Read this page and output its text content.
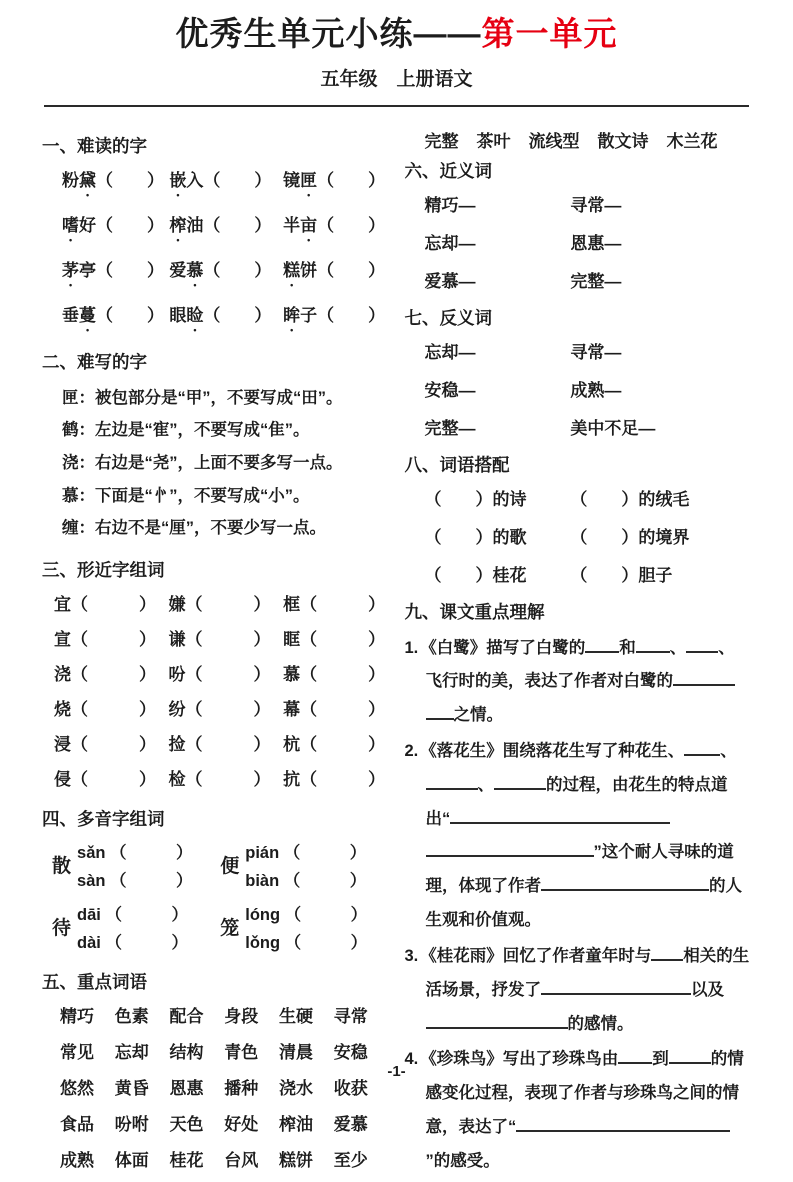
优秀生单元小练——第一单元
五年级　上册语文
一、难读的字
粉黛（　　） 嵌入（　　） 镜匣（　　）
嗜好（　　） 榨油（　　） 半亩（　　）
茅亭（　　） 爱慕（　　） 糕饼（　　）
垂蔓（　　） 眼睑（　　） 眸子（　　）
二、难写的字
匣：被包部分是“甲”，不要写成“田”。
鹤：左边是“寉”，不要写成“隹”。
浇：右边是“尧”，上面不要多写一点。
慕：下面是“㣺”，不要写成“小”。
缠：右边不是“厘”，不要少写一点。
三、形近字组词
宜（　　　） 嫌（　　　） 框（　　　）
宣（　　　） 谦（　　　） 眶（　　　）
浇（　　　） 吩（　　　） 慕（　　　）
烧（　　　） 纷（　　　） 幕（　　　）
浸（　　　） 捡（　　　） 杭（　　　）
侵（　　　） 检（　　　） 抗（　　　）
四、多音字组词
散
sǎn （　　　）
sàn （　　　）
便
pián （　　　）
biàn （　　　）
待
dāi （　　　）
dài （　　　）
笼
lóng （　　　）
lǒng （　　　）
五、重点词语
精巧	色素	配合	身段	生硬	寻常
常见	忘却	结构	青色	清晨	安稳
悠然	黄昏	恩惠	播种	浇水	收获
食品	吩咐	天色	好处	榨油	爱慕
成熟	体面	桂花	台风	糕饼	至少
完整 茶叶 流线型 散文诗 木兰花
六、近义词
精巧—	寻常—
忘却—	恩惠—
爱慕—	完整—
七、反义词
忘却—	寻常—
安稳—	成熟—
完整—	美中不足—
八、词语搭配
（　　）的诗	（　　）的绒毛
（　　）的歌	（　　）的境界
（　　）桂花	（　　）胆子
九、课文重点理解
1. 《白鹭》描写了白鹭的 和 、 、飞行时的美，表达了作者对白鹭的之情。
2. 《落花生》围绕落花生写了种花生、 、、	的过程，由花生的特点道出“”这个耐人寻味的道理，体现了作者	的人生观和价值观。
3. 《桂花雨》回忆了作者童年时与 相关的生活场景，抒发了	以及的感情。
4. 《珍珠鸟》写出了珍珠鸟由 到	的情感变化过程，表现了作者与珍珠鸟之间的情意，表达了“”的感受。
-1-
